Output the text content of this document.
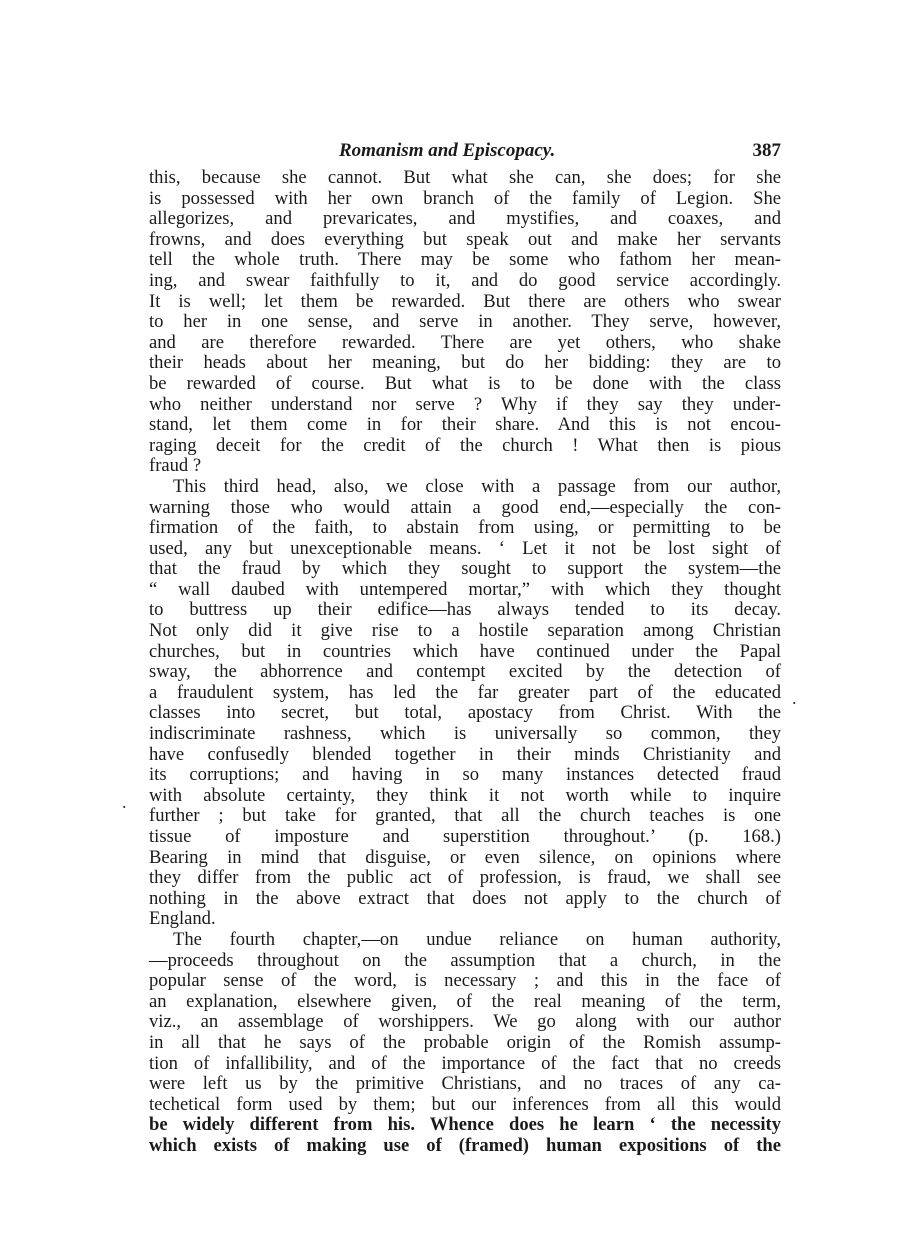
Romanism and Episcopacy.	387
this, because she cannot. But what she can, she does; for she
is possessed with her own branch of the family of Legion. She
allegorizes, and prevaricates, and mystifies, and coaxes, and
frowns, and does everything but speak out and make her servants
tell the whole truth. There may be some who fathom her mean-
ing, and swear faithfully to it, and do good service accordingly.
It is well; let them be rewarded. But there are others who swear
to her in one sense, and serve in another. They serve, however,
and are therefore rewarded. There are yet others, who shake
their heads about her meaning, but do her bidding: they are to
be rewarded of course. But what is to be done with the class
who neither understand nor serve ? Why if they say they under-
stand, let them come in for their share. And this is not encou-
raging deceit for the credit of the church ! What then is pious
fraud ?
This third head, also, we close with a passage from our author,
warning those who would attain a good end,—especially the con-
firmation of the faith, to abstain from using, or permitting to be
used, any but unexceptionable means. ‘ Let it not be lost sight of
that the fraud by which they sought to support the system—the
“ wall daubed with untempered mortar,” with which they thought
to buttress up their edifice—has always tended to its decay.
Not only did it give rise to a hostile separation among Christian
churches, but in countries which have continued under the Papal
sway, the abhorrence and contempt excited by the detection of
a fraudulent system, has led the far greater part of the educated
classes into secret, but total, apostacy from Christ. With the
indiscriminate rashness, which is universally so common, they
have confusedly blended together in their minds Christianity and
its corruptions; and having in so many instances detected fraud
with absolute certainty, they think it not worth while to inquire
further ; but take for granted, that all the church teaches is one
tissue of imposture and superstition throughout.’ (p. 168.)
Bearing in mind that disguise, or even silence, on opinions where
they differ from the public act of profession, is fraud, we shall see
nothing in the above extract that does not apply to the church of
England.
The fourth chapter,—on undue reliance on human authority,
—proceeds throughout on the assumption that a church, in the
popular sense of the word, is necessary ; and this in the face of
an explanation, elsewhere given, of the real meaning of the term,
viz., an assemblage of worshippers. We go along with our author
in all that he says of the probable origin of the Romish assump-
tion of infallibility, and of the importance of the fact that no creeds
were left us by the primitive Christians, and no traces of any ca-
techetical form used by them; but our inferences from all this would
be widely different from his. Whence does he learn ‘ the necessity
which exists of making use of (framed) human expositions of the
.
.
